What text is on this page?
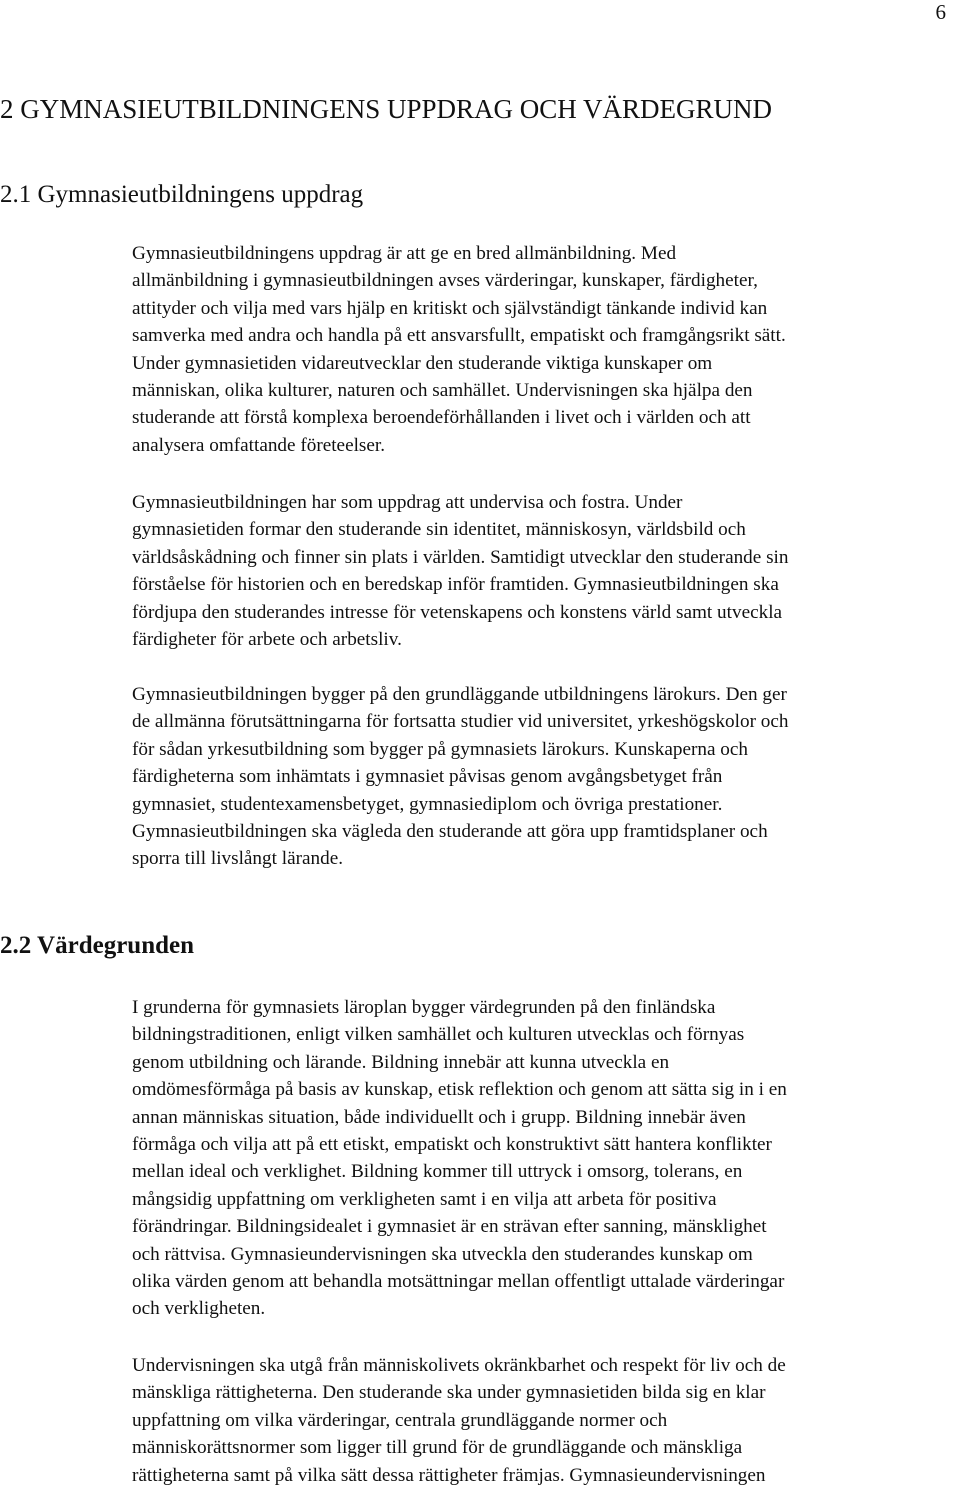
6
2 GYMNASIEUTBILDNINGENS UPPDRAG OCH VÄRDEGRUND
2.1 Gymnasieutbildningens uppdrag

Gymnasieutbildningens uppdrag är att ge en bred allmänbildning. Med
allmänbildning i gymnasieutbildningen avses värderingar, kunskaper, färdigheter,
attityder och vilja med vars hjälp en kritiskt och självständigt tänkande individ kan
samverka med andra och handla på ett ansvarsfullt, empatiskt och framgångsrikt sätt.
Under gymnasietiden vidareutvecklar den studerande viktiga kunskaper om
människan, olika kulturer, naturen och samhället. Undervisningen ska hjälpa den
studerande att förstå komplexa beroendeförhållanden i livet och i världen och att
analysera omfattande företeelser.

Gymnasieutbildningen har som uppdrag att undervisa och fostra. Under
gymnasietiden formar den studerande sin identitet, människosyn, världsbild och
världsåskådning och finner sin plats i världen. Samtidigt utvecklar den studerande sin
förståelse för historien och en beredskap inför framtiden. Gymnasieutbildningen ska
fördjupa den studerandes intresse för vetenskapens och konstens värld samt utveckla
färdigheter för arbete och arbetsliv.

Gymnasieutbildningen bygger på den grundläggande utbildningens lärokurs. Den ger
de allmänna förutsättningarna för fortsatta studier vid universitet, yrkeshögskolor och
för sådan yrkesutbildning som bygger på gymnasiets lärokurs. Kunskaperna och
färdigheterna som inhämtats i gymnasiet påvisas genom avgångsbetyget från
gymnasiet, studentexamensbetyget, gymnasiediplom och övriga prestationer.
Gymnasieutbildningen ska vägleda den studerande att göra upp framtidsplaner och
sporra till livslångt lärande.

2.2 Värdegrunden

I grunderna för gymnasiets läroplan bygger värdegrunden på den finländska
bildningstraditionen, enligt vilken samhället och kulturen utvecklas och förnyas
genom utbildning och lärande. Bildning innebär att kunna utveckla en
omdömesförmåga på basis av kunskap, etisk reflektion och genom att sätta sig in i en
annan människas situation, både individuellt och i grupp. Bildning innebär även
förmåga och vilja att på ett etiskt, empatiskt och konstruktivt sätt hantera konflikter
mellan ideal och verklighet. Bildning kommer till uttryck i omsorg, tolerans, en
mångsidig uppfattning om verkligheten samt i en vilja att arbeta för positiva
förändringar. Bildningsidealet i gymnasiet är en strävan efter sanning, mänsklighet
och rättvisa. Gymnasieundervisningen ska utveckla den studerandes kunskap om
olika värden genom att behandla motsättningar mellan offentligt uttalade värderingar
och verkligheten.

Undervisningen ska utgå från människolivets okränkbarhet och respekt för liv och de
mänskliga rättigheterna. Den studerande ska under gymnasietiden bilda sig en klar
uppfattning om vilka värderingar, centrala grundläggande normer och
människorättsnormer som ligger till grund för de grundläggande och mänskliga
rättigheterna samt på vilka sätt dessa rättigheter främjas. Gymnasieundervisningen
